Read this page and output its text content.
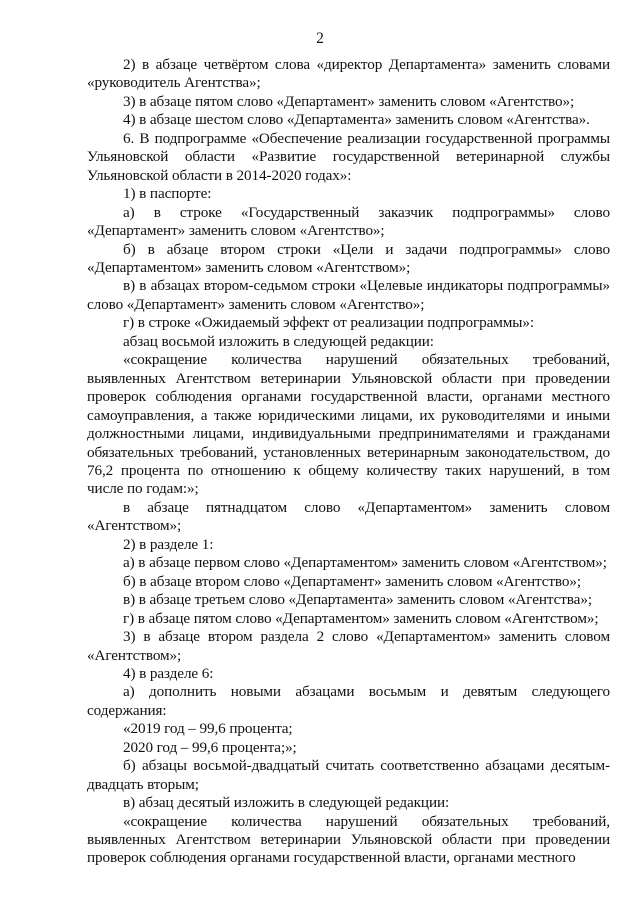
2

2) в абзаце четвёртом слова «директор Департамента» заменить словами «руководитель Агентства»;

3) в абзаце пятом слово «Департамент» заменить словом «Агентство»;

4) в абзаце шестом слово «Департамента» заменить словом «Агентства».

6. В подпрограмме «Обеспечение реализации государственной программы Ульяновской области «Развитие государственной ветеринарной службы Ульяновской области в 2014-2020 годах»:

1) в паспорте:

а) в строке «Государственный заказчик подпрограммы» слово «Департамент» заменить словом «Агентство»;

б) в абзаце втором строки «Цели и задачи подпрограммы» слово «Департаментом» заменить словом «Агентством»;

в) в абзацах втором-седьмом строки «Целевые индикаторы подпрограммы» слово «Департамент» заменить словом «Агентство»;

г) в строке «Ожидаемый эффект от реализации подпрограммы»:

абзац восьмой изложить в следующей редакции:

«сокращение количества нарушений обязательных требований, выявленных Агентством ветеринарии Ульяновской области при проведении проверок соблюдения органами государственной власти, органами местного самоуправления, а также юридическими лицами, их руководителями и иными должностными лицами, индивидуальными предпринимателями и гражданами обязательных требований, установленных ветеринарным законодательством, до 76,2 процента по отношению к общему количеству таких нарушений, в том числе по годам:»;

в абзаце пятнадцатом слово «Департаментом» заменить словом «Агентством»;

2) в разделе 1:

а) в абзаце первом слово «Департаментом» заменить словом «Агентством»;

б) в абзаце втором слово «Департамент» заменить словом «Агентство»;

в) в абзаце третьем слово «Департамента» заменить словом «Агентства»;

г) в абзаце пятом слово «Департаментом» заменить словом «Агентством»;

3) в абзаце втором раздела 2 слово «Департаментом» заменить словом «Агентством»;

4) в разделе 6:

а) дополнить новыми абзацами восьмым и девятым следующего содержания:

«2019 год – 99,6 процента;

2020 год – 99,6 процента;»;

б) абзацы восьмой-двадцатый считать соответственно абзацами десятым-двадцать вторым;

в) абзац десятый изложить в следующей редакции:

«сокращение количества нарушений обязательных требований, выявленных Агентством ветеринарии Ульяновской области при проведении проверок соблюдения органами государственной власти, органами местного
